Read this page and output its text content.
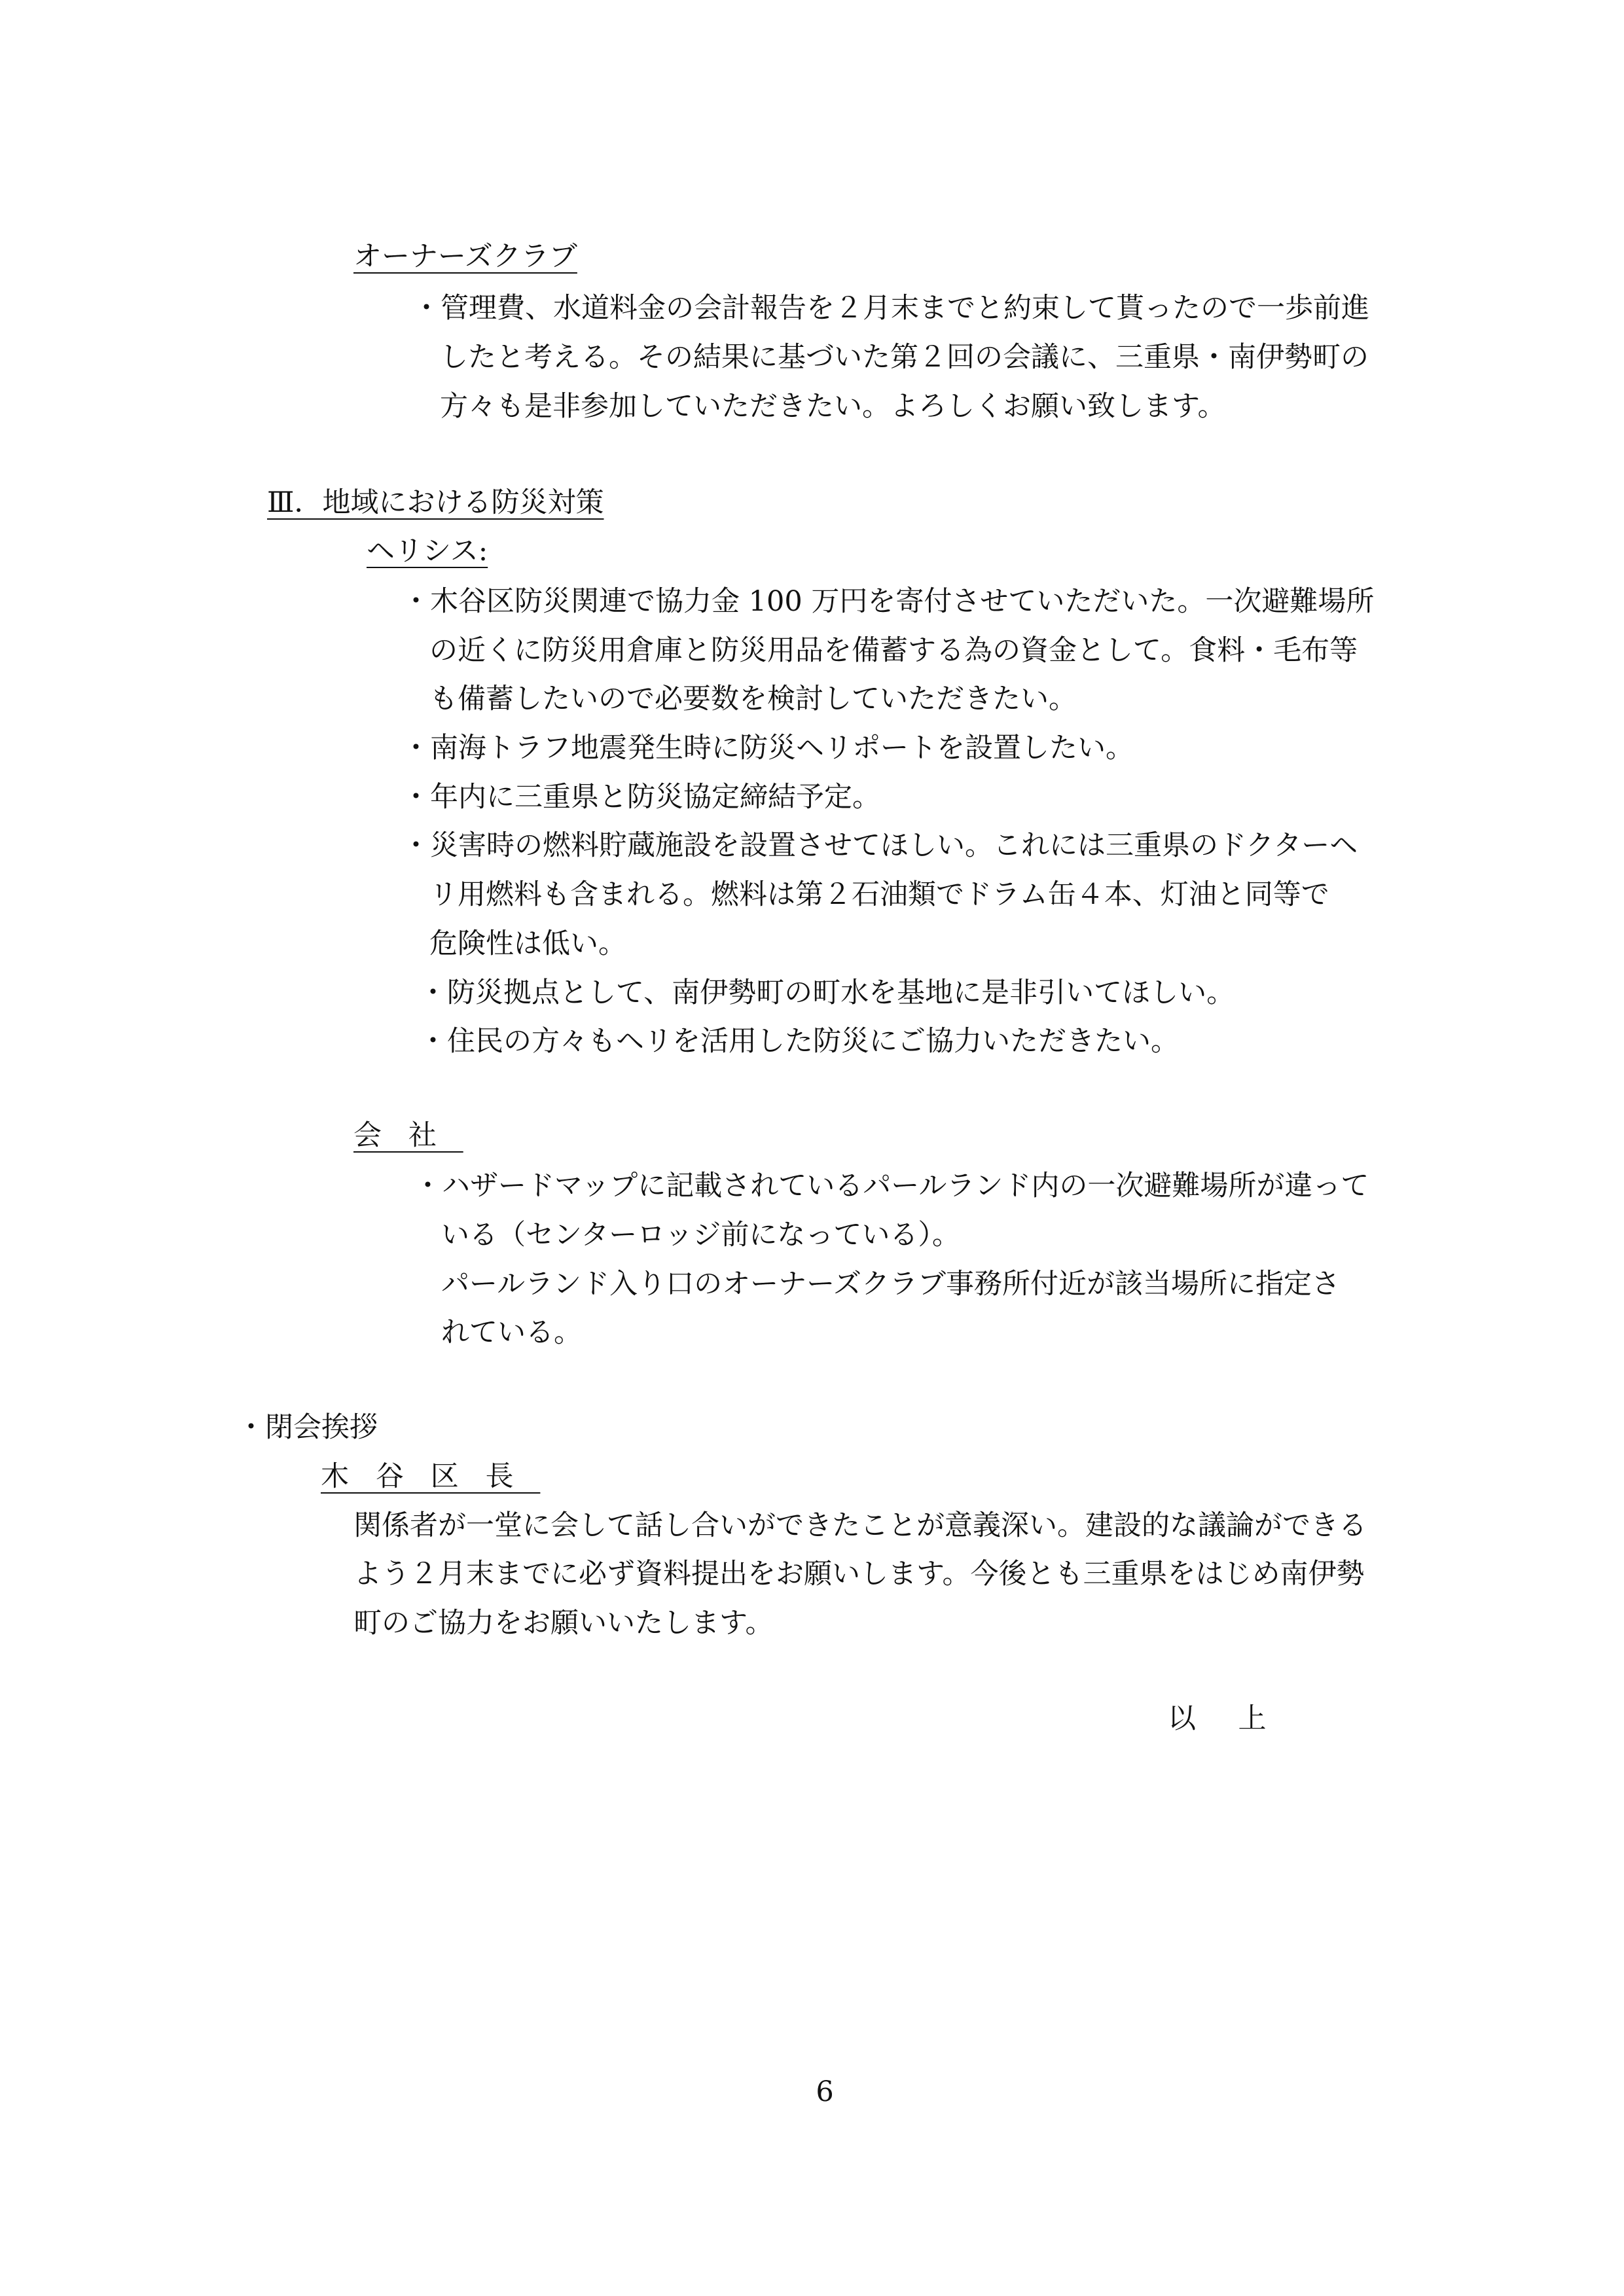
オーナーズクラブ
・管理費、水道料金の会計報告を２月末までと約束して貰ったので一歩前進
したと考える。その結果に基づいた第２回の会議に、三重県・南伊勢町の
方々も是非参加していただきたい。よろしくお願い致します。
Ⅲ．地域における防災対策
ヘリシス:
・木谷区防災関連で協力金 100 万円を寄付させていただいた。一次避難場所
の近くに防災用倉庫と防災用品を備蓄する為の資金として。食料・毛布等
も備蓄したいので必要数を検討していただきたい。
・南海トラフ地震発生時に防災ヘリポートを設置したい。
・年内に三重県と防災協定締結予定。
・災害時の燃料貯蔵施設を設置させてほしい。これには三重県のドクターヘ
リ用燃料も含まれる。燃料は第２石油類でドラム缶４本、灯油と同等で
危険性は低い。
・防災拠点として、南伊勢町の町水を基地に是非引いてほしい。
・住民の方々もヘリを活用した防災にご協力いただきたい。
会社
・ハザードマップに記載されているパールランド内の一次避難場所が違って
いる（センターロッジ前になっている）。
パールランド入り口のオーナーズクラブ事務所付近が該当場所に指定さ
れている。
・閉会挨拶
木谷区長
関係者が一堂に会して話し合いができたことが意義深い。建設的な議論ができる
よう２月末までに必ず資料提出をお願いします。今後とも三重県をはじめ南伊勢
町のご協力をお願いいたします。
以上
6
